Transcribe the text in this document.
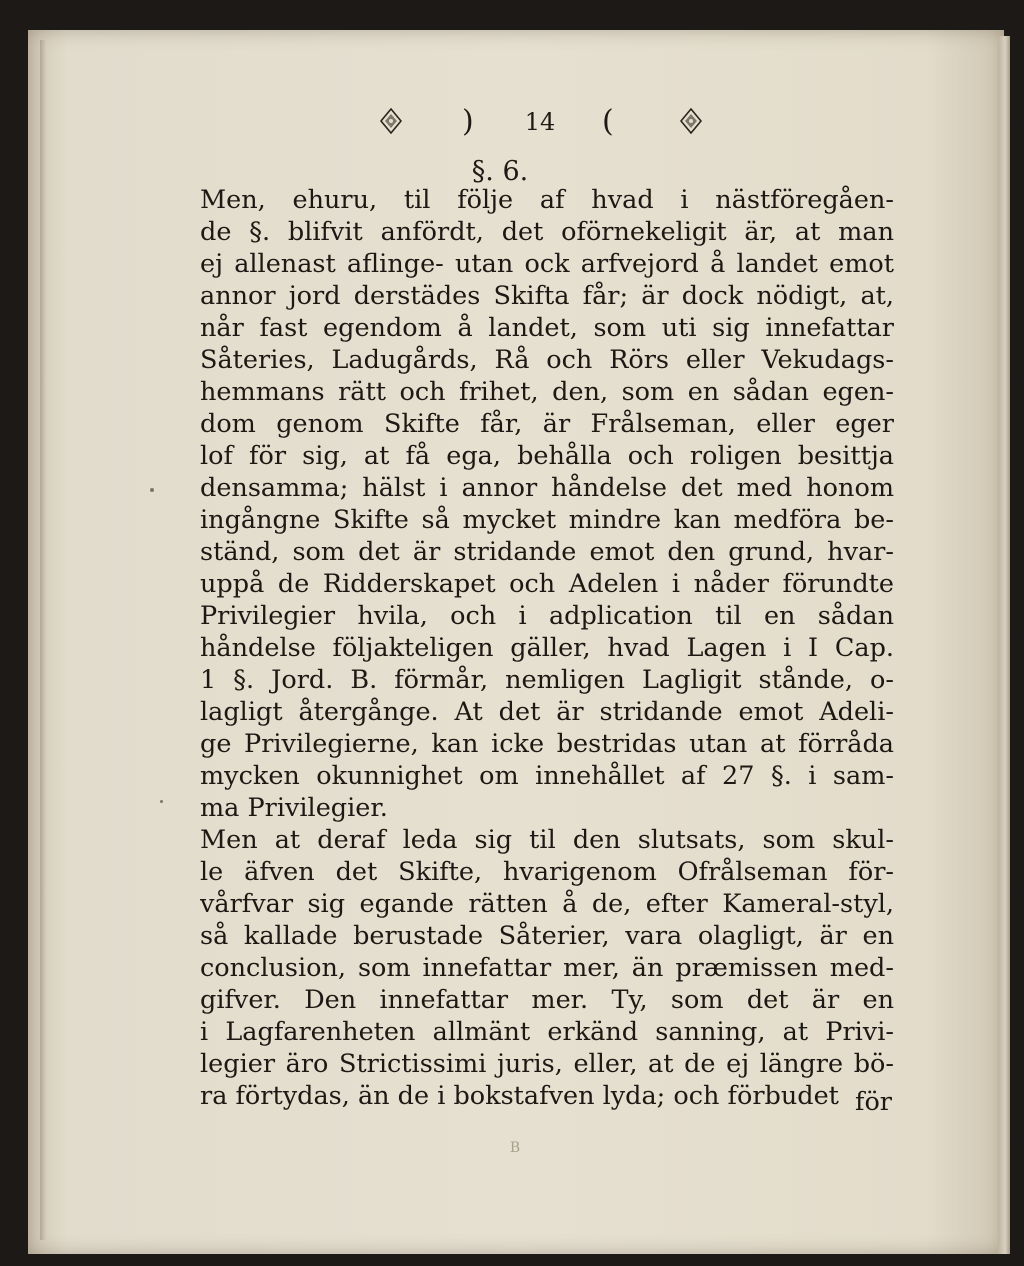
)	14	(
§. 6.
Men, ehuru, til följe af hvad i nästföregåen-
de §. blifvit anfördt, det oförnekeligit är, at man
ej allenast aflinge- utan ock arfvejord å landet emot
annor jord derstädes Skifta får; är dock nödigt, at,
når fast egendom å landet, som uti sig innefattar
Såteries, Ladugårds, Rå och Rörs eller Vekudags-
hemmans rätt och frihet, den, som en sådan egen-
dom genom Skifte får, är Frålseman, eller eger
lof för sig, at få ega, behålla och roligen besittja
densamma; hälst i annor håndelse det med honom
ingångne Skifte så mycket mindre kan medföra be-
ständ, som det är stridande emot den grund, hvar-
uppå de Ridderskapet och Adelen i nåder förundte
Privilegier hvila, och i adplication til en sådan
håndelse följakteligen gäller, hvad Lagen i I Cap.
1 §. Jord. B. förmår, nemligen Lagligit stånde, o-
lagligt återgånge. At det är stridande emot Adeli-
ge Privilegierne, kan icke bestridas utan at förråda
mycken okunnighet om innehållet af 27 §. i sam-
ma Privilegier.
Men at deraf leda sig til den slutsats, som skul-
le äfven det Skifte, hvarigenom Ofrålseman för-
vårfvar sig egande rätten å de, efter Kameral-styl,
så kallade berustade Såterier, vara olagligt, är en
conclusion, som innefattar mer, än præmissen med-
gifver. Den innefattar mer. Ty, som det är en
i Lagfarenheten allmänt erkänd sanning, at Privi-
legier äro Strictissimi juris, eller, at de ej längre bö-
ra förtydas, än de i bokstafven lyda; och förbudet för
B
